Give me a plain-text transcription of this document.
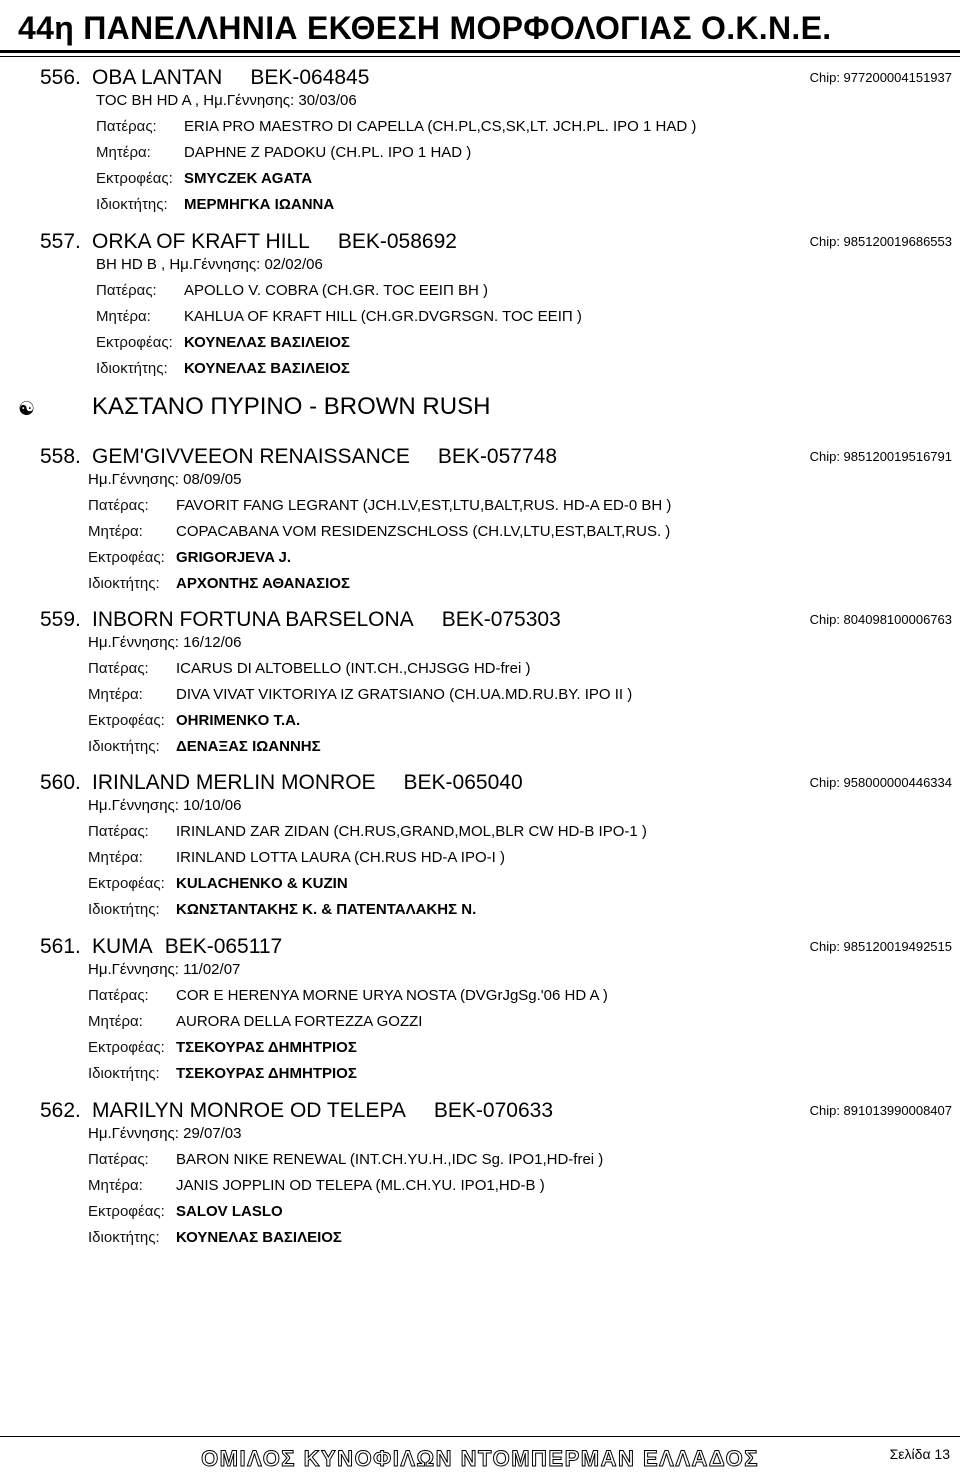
44η ΠΑΝΕΛΛΗΝΙΑ ΕΚΘΕΣΗ ΜΟΡΦΟΛΟΓΙΑΣ Ο.Κ.Ν.Ε.
556. OBA LANTAN BEK-064845	Chip: 977200004151937
TOC BH HD A , Ημ.Γέννησης: 30/03/06
Πατέρας: ERIA PRO MAESTRO DI CAPELLA (CH.PL,CS,SK,LT. JCH.PL. IPO 1 HAD )
Μητέρα: DAPHNE Z PADOKU (CH.PL. IPO 1 HAD )
Εκτροφέας: SMYCZEK AGATA
Ιδιοκτήτης: ΜΕΡΜΗΓΚΑ ΙΩΑΝΝΑ
557. ORKA OF KRAFT HILL BEK-058692	Chip: 985120019686553
BH HD B , Ημ.Γέννησης: 02/02/06
Πατέρας: APOLLO V. COBRA (CH.GR. TOC ΕΕΙΠ BH )
Μητέρα: KAHLUA OF KRAFT HILL (CH.GR.DVGRSGN. TOC ΕΕΙΠ )
Εκτροφέας: ΚΟΥΝΕΛΑΣ ΒΑΣΙΛΕΙΟΣ
Ιδιοκτήτης: ΚΟΥΝΕΛΑΣ ΒΑΣΙΛΕΙΟΣ
558. GEM'GIVVEEON RENAISSANCE BEK-057748	Chip: 985120019516791
Ημ.Γέννησης: 08/09/05
Πατέρας: FAVORIT FANG LEGRANT (JCH.LV,EST,LTU,BALT,RUS. HD-A ED-0 BH )
Μητέρα: COPACABANA VOM RESIDENZSCHLOSS (CH.LV,LTU,EST,BALT,RUS. )
Εκτροφέας: GRIGORJEVA J.
Ιδιοκτήτης: ΑΡΧΟΝΤΗΣ ΑΘΑΝΑΣΙΟΣ
559. INBORN FORTUNA BARSELONA BEK-075303	Chip: 804098100006763
Ημ.Γέννησης: 16/12/06
Πατέρας: ICARUS DI ALTOBELLO (INT.CH.,CHJSGG HD-frei )
Μητέρα: DIVA VIVAT VIKTORIYA IZ GRATSIANO (CH.UA.MD.RU.BY. IPO II )
Εκτροφέας: OHRIMENKO T.A.
Ιδιοκτήτης: ΔΕΝΑΞΑΣ ΙΩΑΝΝΗΣ
560. IRINLAND MERLIN MONROE BEK-065040	Chip: 958000000446334
Ημ.Γέννησης: 10/10/06
Πατέρας: IRINLAND ZAR ZIDAN (CH.RUS,GRAND,MOL,BLR CW HD-B IPO-1 )
Μητέρα: IRINLAND LOTTA LAURA (CH.RUS HD-A IPO-I )
Εκτροφέας: KULACHENKO & KUZIN
Ιδιοκτήτης: ΚΩΝΣΤΑΝΤΑΚΗΣ Κ. & ΠΑΤΕΝΤΑΛΑΚΗΣ Ν.
561. KUMA BEK-065117	Chip: 985120019492515
Ημ.Γέννησης: 11/02/07
Πατέρας: COR E HERENYA MORNE URYA NOSTA (DVGrJgSg.'06 HD A )
Μητέρα: AURORA DELLA FORTEZZA GOZZI
Εκτροφέας: ΤΣΕΚΟΥΡΑΣ ΔΗΜΗΤΡΙΟΣ
Ιδιοκτήτης: ΤΣΕΚΟΥΡΑΣ ΔΗΜΗΤΡΙΟΣ
562. MARILYN MONROE OD TELEPA BEK-070633	Chip: 891013990008407
Ημ.Γέννησης: 29/07/03
Πατέρας: BARON NIKE RENEWAL (INT.CH.YU.H.,IDC Sg. IPO1,HD-frei )
Μητέρα: JANIS JOPPLIN OD TELEPA (ML.CH.YU. IPO1,HD-B )
Εκτροφέας: SALOV LASLO
Ιδιοκτήτης: ΚΟΥΝΕΛΑΣ ΒΑΣΙΛΕΙΟΣ
☯ ΚΑΣΤΑΝΟ ΠΥΡΙΝΟ - BROWN RUSH
ΟΜΙΛΟΣ ΚΥΝΟΦΙΛΩΝ ΝΤΟΜΠΕΡΜΑΝ ΕΛΛΑΔΟΣ	Σελίδα 13
